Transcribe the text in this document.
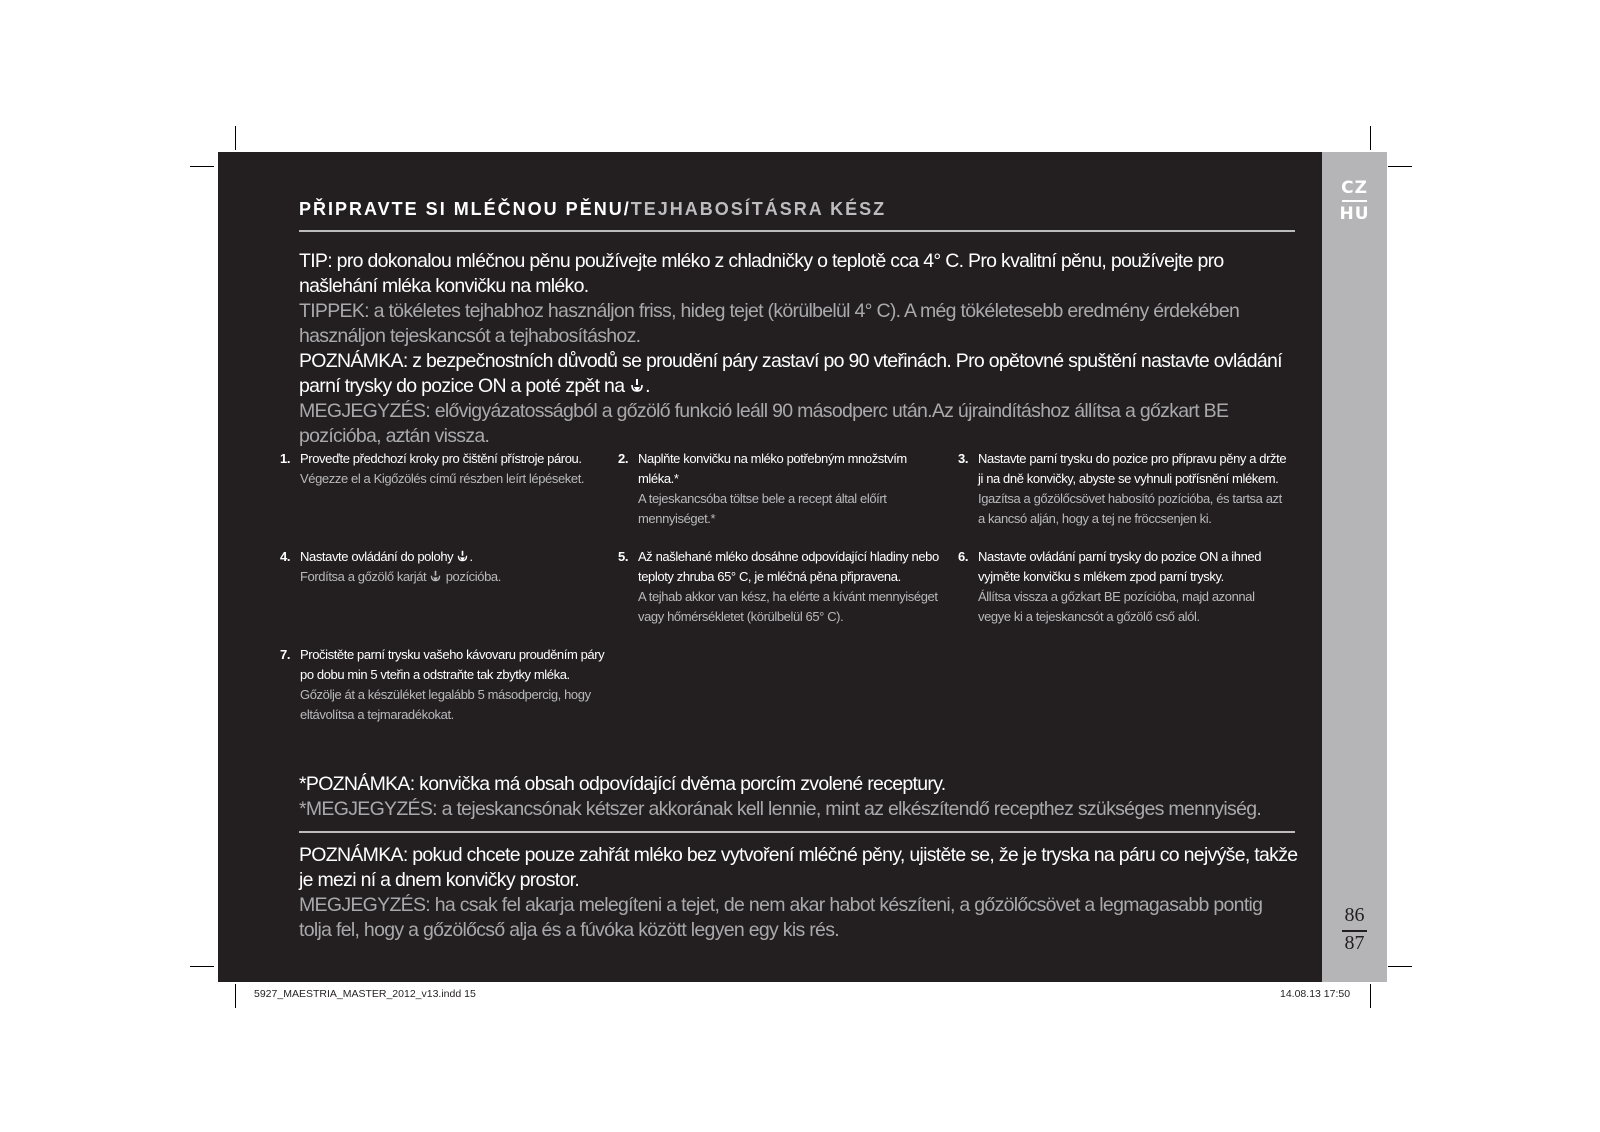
CZ
HU
86
87
PŘIPRAVTE SI MLÉČNOU PĚNU/TEJHABOSÍTÁSRA KÉSZ
TIP: pro dokonalou mléčnou pěnu používejte mléko z chladničky o teplotě cca 4° C. Pro kvalitní pěnu, používejte pro našlehání mléka konvičku na mléko.
TIPPEK: a tökéletes tejhabhoz használjon friss, hideg tejet (körülbelül 4° C). A még tökéletesebb eredmény érdekében használjon tejeskancsót a tejhabosításhoz.
POZNÁMKA: z bezpečnostních důvodů se proudění páry zastaví po 90 vteřinách. Pro opětovné spuštění nastavte ovládání parní trysky do pozice ON a poté zpět na .
MEGJEGYZÉS: elővigyázatosságból a gőzölő funkció leáll 90 másodperc után.Az újraindításhoz állítsa a gőzkart BE pozícióba, aztán vissza.
1. Proveďte předchozí kroky pro čištění přístroje párou.
Végezze el a Kigőzölés című részben leírt lépéseket.
2. Naplňte konvičku na mléko potřebným množstvím mléka.*
A tejeskancsóba töltse bele a recept által előírt mennyiséget.*
3. Nastavte parní trysku do pozice pro přípravu pěny a držte ji na dně konvičky, abyste se vyhnuli potřísnění mlékem.
Igazítsa a gőzölőcsövet habosító pozícióba, és tartsa azt a kancsó alján, hogy a tej ne fröccsenjen ki.
4. Nastavte ovládání do polohy .
Fordítsa a gőzölő karját pozícióba.
5. Až našlehané mléko dosáhne odpovídající hladiny nebo teploty zhruba 65° C, je mléčná pěna připravena.
A tejhab akkor van kész, ha elérte a kívánt mennyiséget vagy hőmérsékletet (körülbelül 65° C).
6. Nastavte ovládání parní trysky do pozice ON a ihned vyjměte konvičku s mlékem zpod parní trysky.
Állítsa vissza a gőzkart BE pozícióba, majd azonnal vegye ki a tejeskancsót a gőzölő cső alól.
7. Pročistěte parní trysku vašeho kávovaru prouděním páry po dobu min 5 vteřin a odstraňte tak zbytky mléka.
Gőzölje át a készüléket legalább 5 másodpercig, hogy eltávolítsa a tejmaradékokat.
*POZNÁMKA: konvička má obsah odpovídající dvěma porcím zvolené receptury.
*MEGJEGYZÉS: a tejeskancsónak kétszer akkorának kell lennie, mint az elkészítendő recepthez szükséges mennyiség.
POZNÁMKA: pokud chcete pouze zahřát mléko bez vytvoření mléčné pěny, ujistěte se, že je tryska na páru co nejvýše, takže je mezi ní a dnem konvičky prostor.
MEGJEGYZÉS: ha csak fel akarja melegíteni a tejet, de nem akar habot készíteni, a gőzölőcsövet a legmagasabb pontig tolja fel, hogy a gőzölőcső alja és a fúvóka között legyen egy kis rés.
5927_MAESTRIA_MASTER_2012_v13.indd 15	14.08.13 17:50
